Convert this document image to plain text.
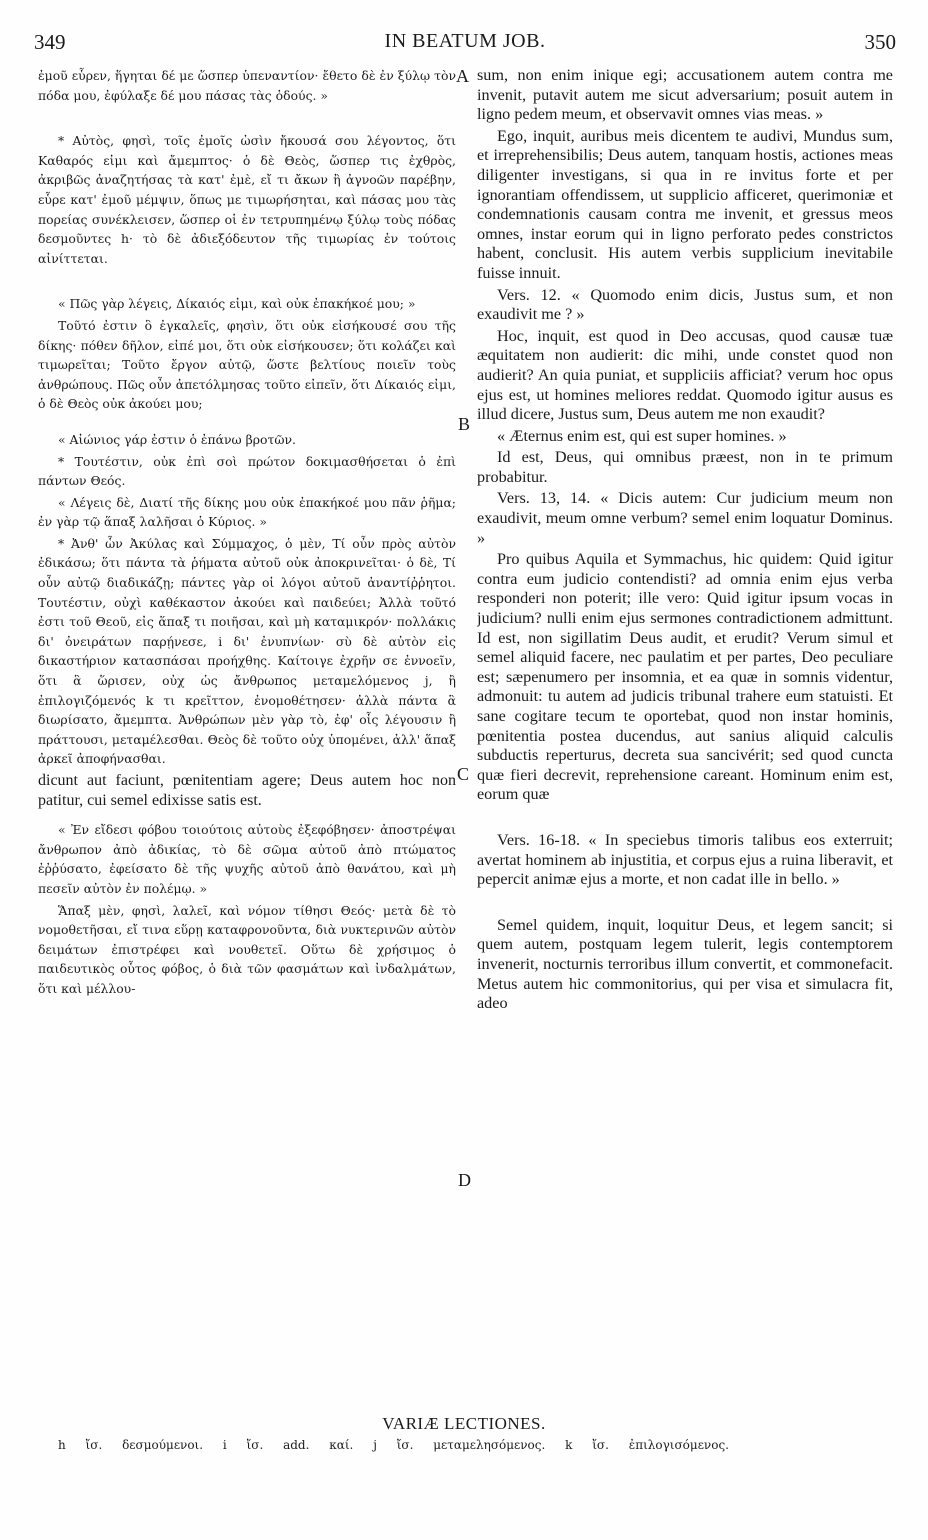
349	IN BEATUM JOB.	350

ἐμοῦ εὗρεν, ἥγηται δέ με ὥσπερ ὑπεναντίον· ἔθετο δὲ ἐν ξύλῳ τὸν πόδα μου, ἐφύλαξε δέ μου πάσας τὰς ὁδούς. »

* Αὐτὸς, φησὶ, τοῖς ἐμοῖς ὠσὶν ἤκουσά σου λέγοντος, ὅτι Καθαρός εἰμι καὶ ἄμεμπτος· ὁ δὲ Θεὸς, ὥσπερ τις ἐχθρὸς, ἀκριβῶς ἀναζητήσας τὰ κατ' ἐμὲ, εἴ τι ἄκων ἢ ἀγνοῶν παρέβην, εὗρε κατ' ἐμοῦ μέμψιν, ὅπως με τιμωρήσηται, καὶ πάσας μου τὰς πορείας συνέκλεισεν, ὥσπερ οἱ ἐν τετρυπημένῳ ξύλῳ τοὺς πόδας δεσμοῦντες h· τὸ δὲ ἀδιεξόδευτον τῆς τιμωρίας ἐν τούτοις αἰνίττεται.

« Πῶς γὰρ λέγεις, Δίκαιός εἰμι, καὶ οὐκ ἐπακήκοέ μου; »

Τοῦτό ἐστιν ὃ ἐγκαλεῖς, φησὶν, ὅτι οὐκ εἰσήκουσέ σου τῆς δίκης· πόθεν δῆλον, εἰπέ μοι, ὅτι οὐκ εἰσήκουσεν; ὅτι κολάζει καὶ τιμωρεῖται; Τοῦτο ἔργον αὐτῷ, ὥστε βελτίους ποιεῖν τοὺς ἀνθρώπους. Πῶς οὖν ἀπετόλμησας τοῦτο εἰπεῖν, ὅτι Δίκαιός εἰμι, ὁ δὲ Θεὸς οὐκ ἀκούει μου;

« Αἰώνιος γάρ ἐστιν ὁ ἐπάνω βροτῶν.

* Τουτέστιν, οὐκ ἐπὶ σοὶ πρώτον δοκιμασθήσεται ὁ ἐπὶ πάντων Θεός.

« Λέγεις δὲ, Διατί τῆς δίκης μου οὐκ ἐπακήκοέ μου πᾶν ῥῆμα; ἐν γὰρ τῷ ἅπαξ λαλῆσαι ὁ Κύριος. »

* Ἀνθ' ὧν Ἀκύλας καὶ Σύμμαχος, ὁ μὲν, Τί οὖν πρὸς αὐτὸν ἐδικάσω; ὅτι πάντα τὰ ῥήματα αὐτοῦ οὐκ ἀποκρινεῖται· ὁ δὲ, Τί οὖν αὐτῷ διαδικάζῃ; πάντες γὰρ οἱ λόγοι αὐτοῦ ἀναντίῤῥητοι. Τουτέστιν, οὐχὶ καθέκαστον ἀκούει καὶ παιδεύει; Ἀλλὰ τοῦτό ἐστι τοῦ Θεοῦ, εἰς ἅπαξ τι ποιῆσαι, καὶ μὴ καταμικρόν· πολλάκις δι' ὀνειράτων παρῄνεσε, i δι' ἐνυπνίων· σὺ δὲ αὐτὸν εἰς δικαστήριον κατασπάσαι προήχθης. Καίτοιγε ἐχρῆν σε ἐννοεῖν, ὅτι ἃ ὥρισεν, οὐχ ὡς ἄνθρωπος μεταμελόμενος j, ἢ ἐπιλογιζόμενός k τι κρεῖττον, ἐνομοθέτησεν· ἀλλὰ πάντα ἃ διωρίσατο, ἄμεμπτα. Ἀνθρώπων μὲν γὰρ τὸ, ἐφ' οἷς λέγουσιν ἢ πράττουσι, μεταμέλεσθαι. Θεὸς δὲ τοῦτο οὐχ ὑπομένει, ἀλλ' ἅπαξ ἀρκεῖ ἀποφήνασθαι.

dicunt aut faciunt, pœnitentiam agere; Deus autem hoc non patitur, cui semel edixisse satis est.

« Ἐν εἴδεσι φόβου τοιούτοις αὐτοὺς ἐξεφόβησεν· ἀποστρέψαι ἄνθρωπον ἀπὸ ἀδικίας, τὸ δὲ σῶμα αὐτοῦ ἀπὸ πτώματος ἐῤῥύσατο, ἐφείσατο δὲ τῆς ψυχῆς αὐτοῦ ἀπὸ θανάτου, καὶ μὴ πεσεῖν αὐτὸν ἐν πολέμῳ. »

Ἅπαξ μὲν, φησὶ, λαλεῖ, καὶ νόμον τίθησι Θεός· μετὰ δὲ τὸ νομοθετῆσαι, εἴ τινα εὕρῃ καταφρονοῦντα, διὰ νυκτερινῶν αὐτὸν δειμάτων ἐπιστρέφει καὶ νουθετεῖ. Οὕτω δὲ χρήσιμος ὁ παιδευτικὸς οὗτος φόβος, ὁ διὰ τῶν φασμάτων καὶ ἰνδαλμάτων, ὅτι καὶ μέλλου-

A
B
C
D

sum, non enim inique egi; accusationem autem contra me invenit, putavit autem me sicut adversarium; posuit autem in ligno pedem meum, et observavit omnes vias meas. »

Ego, inquit, auribus meis dicentem te audivi, Mundus sum, et irreprehensibilis; Deus autem, tanquam hostis, actiones meas diligenter investigans, si qua in re invitus forte et per ignorantiam offendissem, ut supplicio afficeret, querimoniæ et condemnationis causam contra me invenit, et gressus meos omnes, instar eorum qui in ligno perforato pedes constrictos habent, conclusit. His autem verbis supplicium inevitabile fuisse innuit.

Vers. 12. « Quomodo enim dicis, Justus sum, et non exaudivit me ? »

Hoc, inquit, est quod in Deo accusas, quod causæ tuæ æquitatem non audierit: dic mihi, unde constet quod non audierit? An quia puniat, et suppliciis afficiat? verum hoc opus ejus est, ut homines meliores reddat. Quomodo igitur ausus es illud dicere, Justus sum, Deus autem me non exaudit?

« Æternus enim est, qui est super homines. »

Id est, Deus, qui omnibus præest, non in te primum probabitur.

Vers. 13, 14. « Dicis autem: Cur judicium meum non exaudivit, meum omne verbum? semel enim loquatur Dominus. »

Pro quibus Aquila et Symmachus, hic quidem: Quid igitur contra eum judicio contendisti? ad omnia enim ejus verba responderi non poterit; ille vero: Quid igitur ipsum vocas in judicium? nulli enim ejus sermones contradictionem admittunt. Id est, non sigillatim Deus audit, et erudit? Verum simul et semel aliquid facere, nec paulatim et per partes, Deo peculiare est; sæpenumero per insomnia, et ea quæ in somnis videntur, admonuit: tu autem ad judicis tribunal trahere eum statuisti. Et sane cogitare tecum te oportebat, quod non instar hominis, pœnitentia postea ducendus, aut sanius aliquid calculis subductis reperturus, decreta sua sancivérit; sed quod cuncta quæ fieri decrevit, reprehensione careant. Hominum enim est, eorum quæ

Vers. 16-18. « In speciebus timoris talibus eos exterruit; avertat hominem ab injustitia, et corpus ejus a ruina liberavit, et pepercit animæ ejus a morte, et non cadat ille in bello. »

Semel quidem, inquit, loquitur Deus, et legem sancit; si quem autem, postquam legem tulerit, legis contemptorem invenerit, nocturnis terroribus illum convertit, et commonefacit. Metus autem hic commonitorius, qui per visa et simulacra fit, adeo

VARIÆ LECTIONES.
h ἴσ. δεσμούμενοι. i ἴσ. add. καί. j ἴσ. μεταμελησόμενος. k ἴσ. ἐπιλογισόμενος.
